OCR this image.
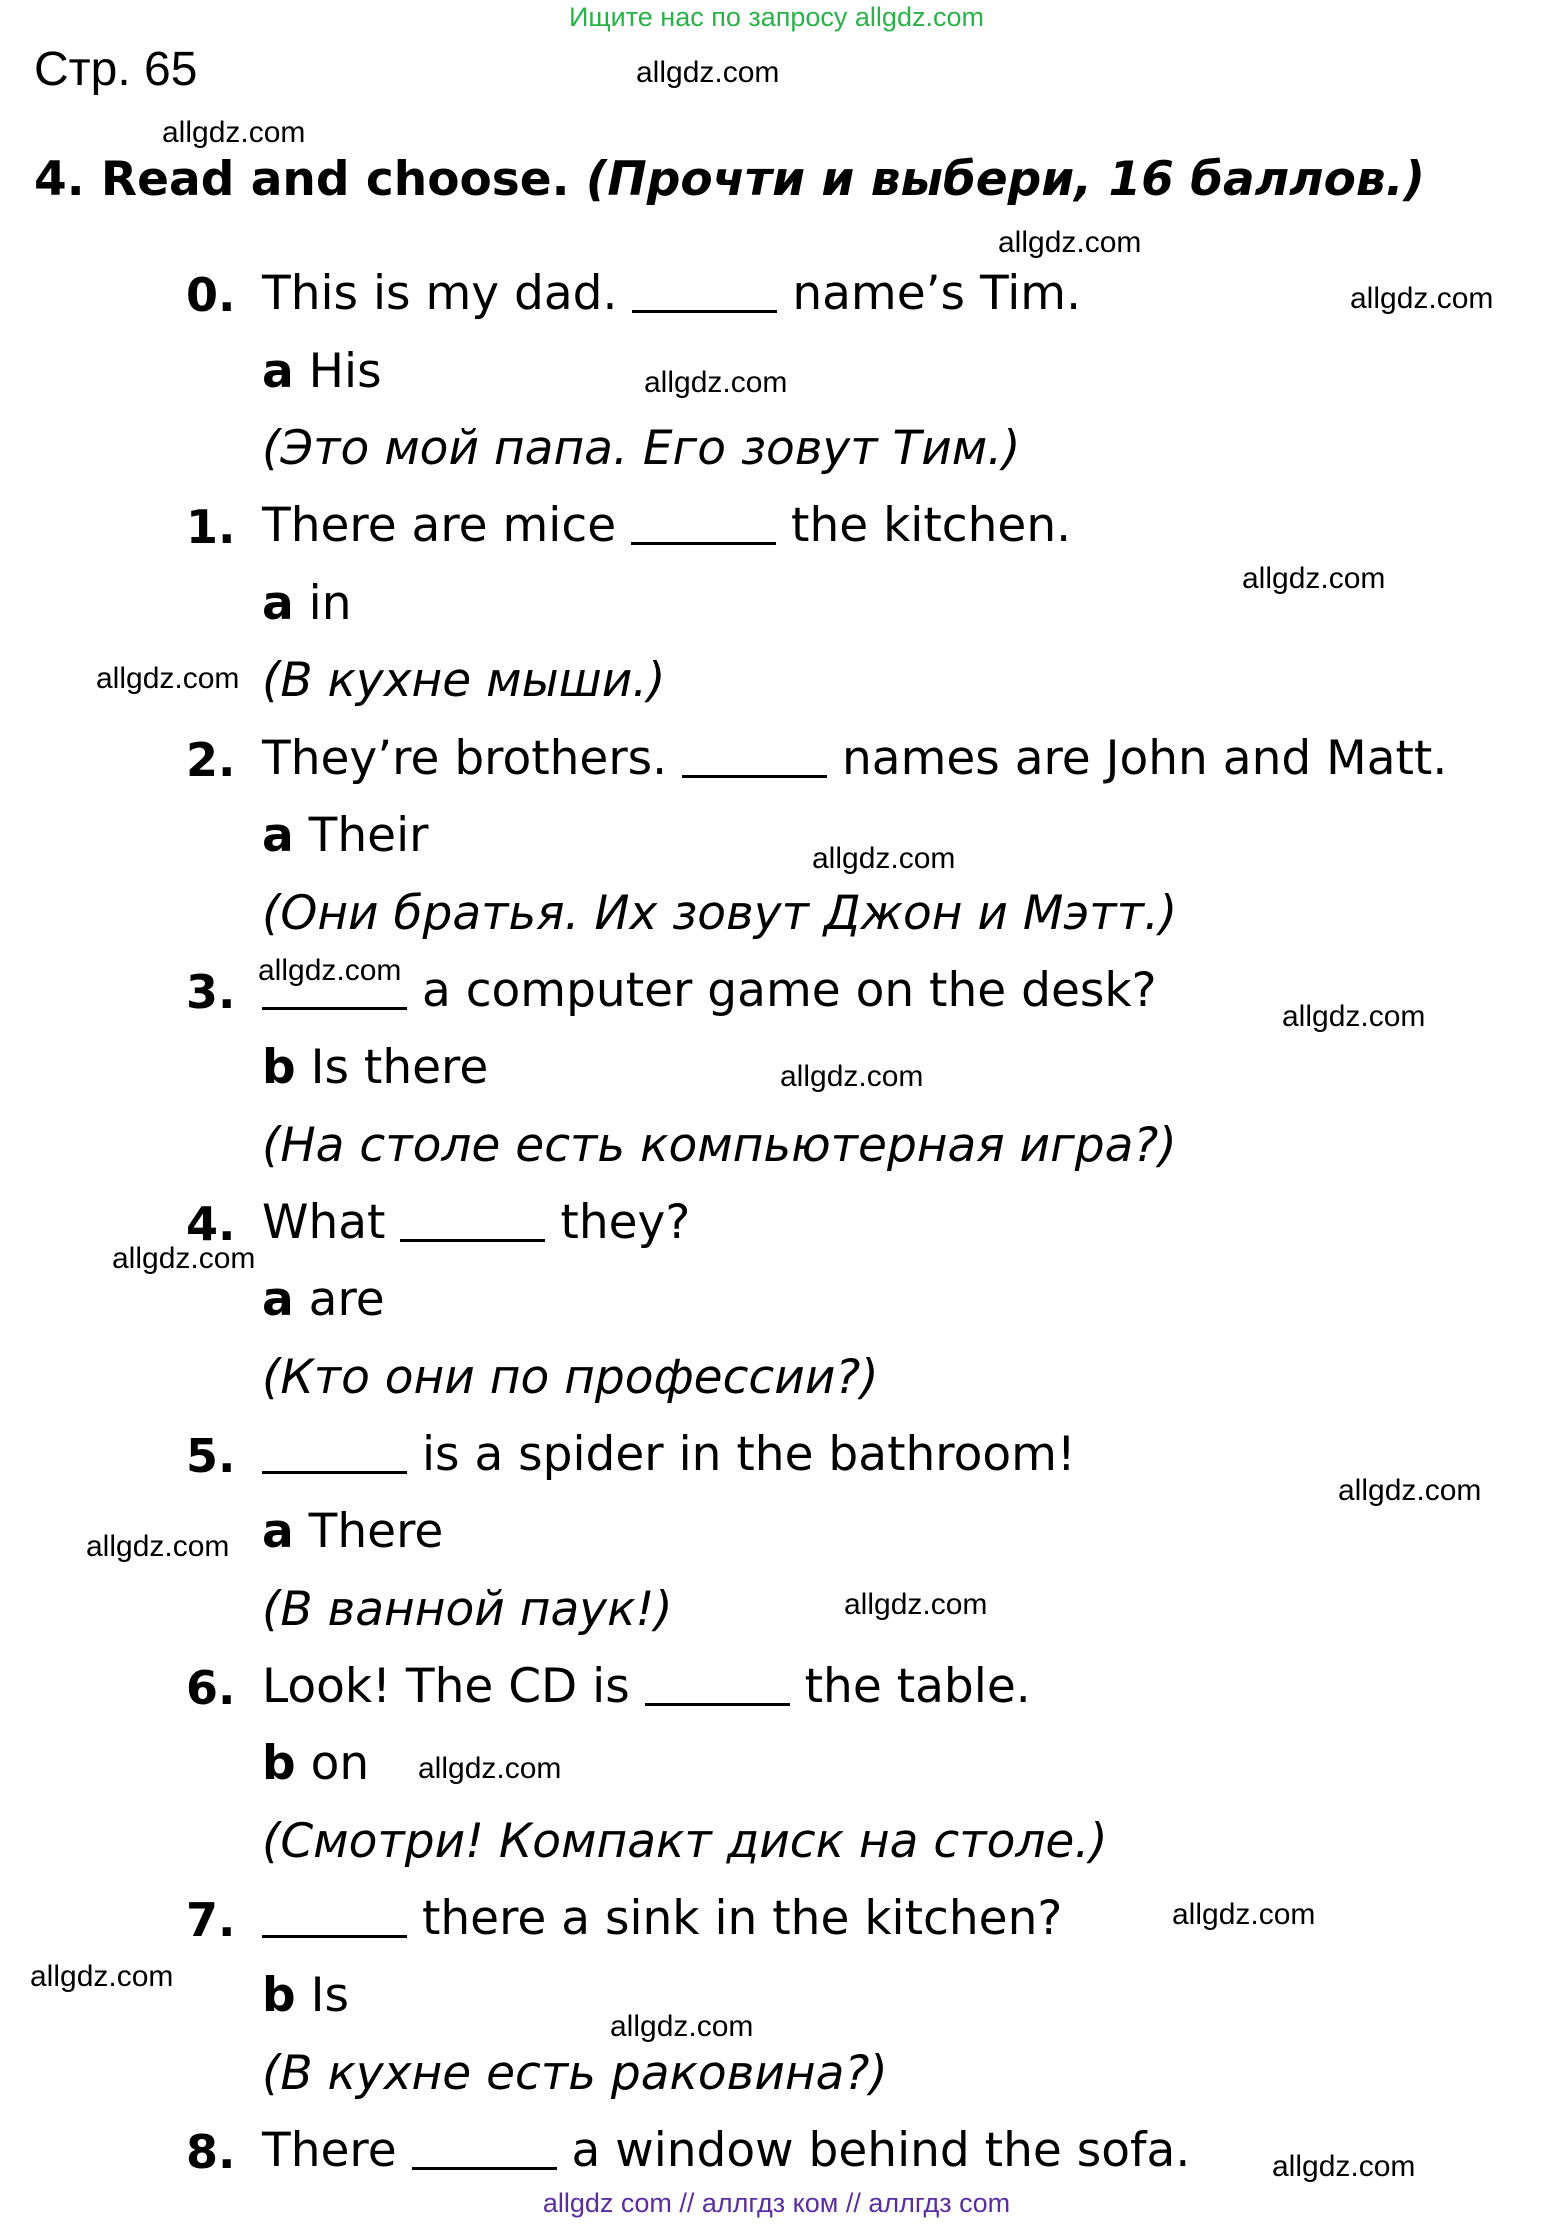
Ищите нас по запросу allgdz.com
Стр. 65
4. Read and choose. (Прочти и выбери, 16 баллов.)
0. This is my dad.	name’s Tim.
a His
(Это мой папа. Его зовут Тим.)
1. There are mice	the kitchen.
a in
(В кухне мыши.)
2. They’re brothers.	names are John and Matt.
a Their
(Они братья. Их зовут Джон и Мэтт.)
3.	a computer game on the desk?
b Is there
(На столе есть компьютерная игра?)
4. What	they?
a are
(Кто они по профессии?)
5.	is a spider in the bathroom!
a There
(В ванной паук!)
6. Look! The CD is	the table.
b on
(Смотри! Компакт диск на столе.)
7.	there a sink in the kitchen?
b Is
(В кухне есть раковина?)
8. There	a window behind the sofa.
allgdz.com
allgdz.com
allgdz.com
allgdz.com
allgdz.com
allgdz.com
allgdz.com
allgdz.com
allgdz.com
allgdz.com
allgdz.com
allgdz.com
allgdz.com
allgdz.com
allgdz.com
allgdz.com
allgdz.com
allgdz.com
allgdz.com
allgdz.com
allgdz com // аллгдз ком // аллгдз com
